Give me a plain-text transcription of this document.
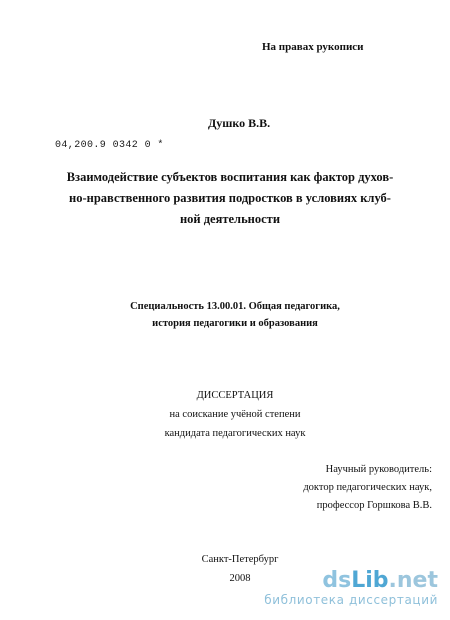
На правах рукописи
Душко В.В.
04,200.9 0342 0 *
Взаимодействие субъектов воспитания как фактор духов-
но-нравственного развития подростков в условиях клуб-
ной деятельности
Специальность 13.00.01. Общая педагогика,
история педагогики и образования
ДИССЕРТАЦИЯ
на соискание учёной степени
кандидата педагогических наук
Научный руководитель:
доктор педагогических наук,
профессор Горшкова В.В.
Санкт-Петербург
2008	dsLib.net
библиотека диссертаций
